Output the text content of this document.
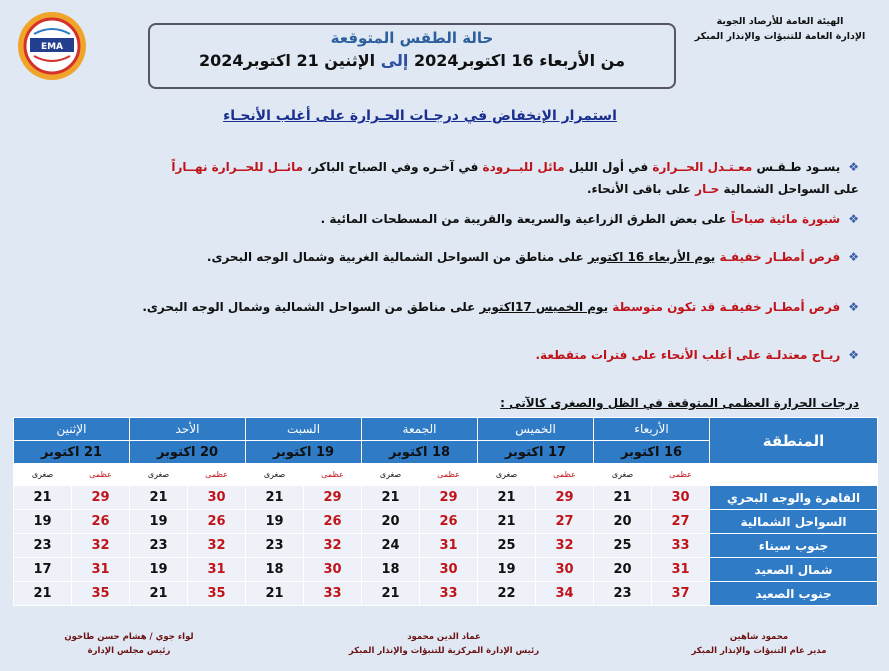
EMA
الهيئة العامة للأرصاد الجوية
الإدارة العامة للتنبؤات والإنذار المبكر
حالة الطقس المتوقعة
من الأربعاء 16 اكتوبر2024 إلى الإثنين 21 اكتوبر2024
استمرار الإنخفاض في درجـات الحـرارة على أغلب الأنحـاء
❖يسـود طـقـس معـتـدل الحــرارة في أول الليل مائل للبــرودة في آخـره وفي الصباح الباكر، مائــل للحــرارة نهــاراً
على السواحل الشمالية حـار على باقى الأنحاء.
❖شبورة مائية صباحاً على بعض الطرق الزراعية والسريعة والقريبة من المسطحات المائية .
❖فرص أمطـار خفيفـة يوم الأربعاء 16 اكتوبر على مناطق من السواحل الشمالية الغربية وشمال الوجه البحرى.
❖فرص أمطـار خفيفـة قد تكون متوسطة يوم الخميس 17اكتوبر على مناطق من السواحل الشمالية وشمال الوجه البحرى.
❖ريـاح معتدلـة على أغلب الأنحاء على فترات متقطعة.
درجات الحرارة العظمى المتوقعة في الظل والصغرى كالآتى :
المنطقة	الأربعاء		الخميس		الجمعة		السبت		الأحد		الإثنين	
	16 اكتوبر		17 اكتوبر		18 اكتوبر		19 اكتوبر		20 اكتوبر		21 اكتوبر	
	عظمى	صغرى	عظمى	صغرى	عظمى	صغرى	عظمى	صغرى	عظمى	صغرى	عظمى	صغرى
القاهرة والوجه البحري	30	21	29	21	29	21	29	21	30	21	29	21
السواحل الشمالية	27	20	27	21	26	20	26	19	26	19	26	19
جنوب سيناء	33	25	32	25	31	24	32	23	32	23	32	23
شمال الصعيد	31	20	30	19	30	18	30	18	31	19	31	17
جنوب الصعيد	37	23	34	22	33	21	33	21	35	21	35	21
محمود شاهين
مدير عام التنبؤات والإنذار المبكر
عماد الدين محمود
رئيس الإدارة المركزية للتنبؤات والإنذار المبكر
لواء جوي / هشام حسن طاحون
رئيس مجلس الإدارة
